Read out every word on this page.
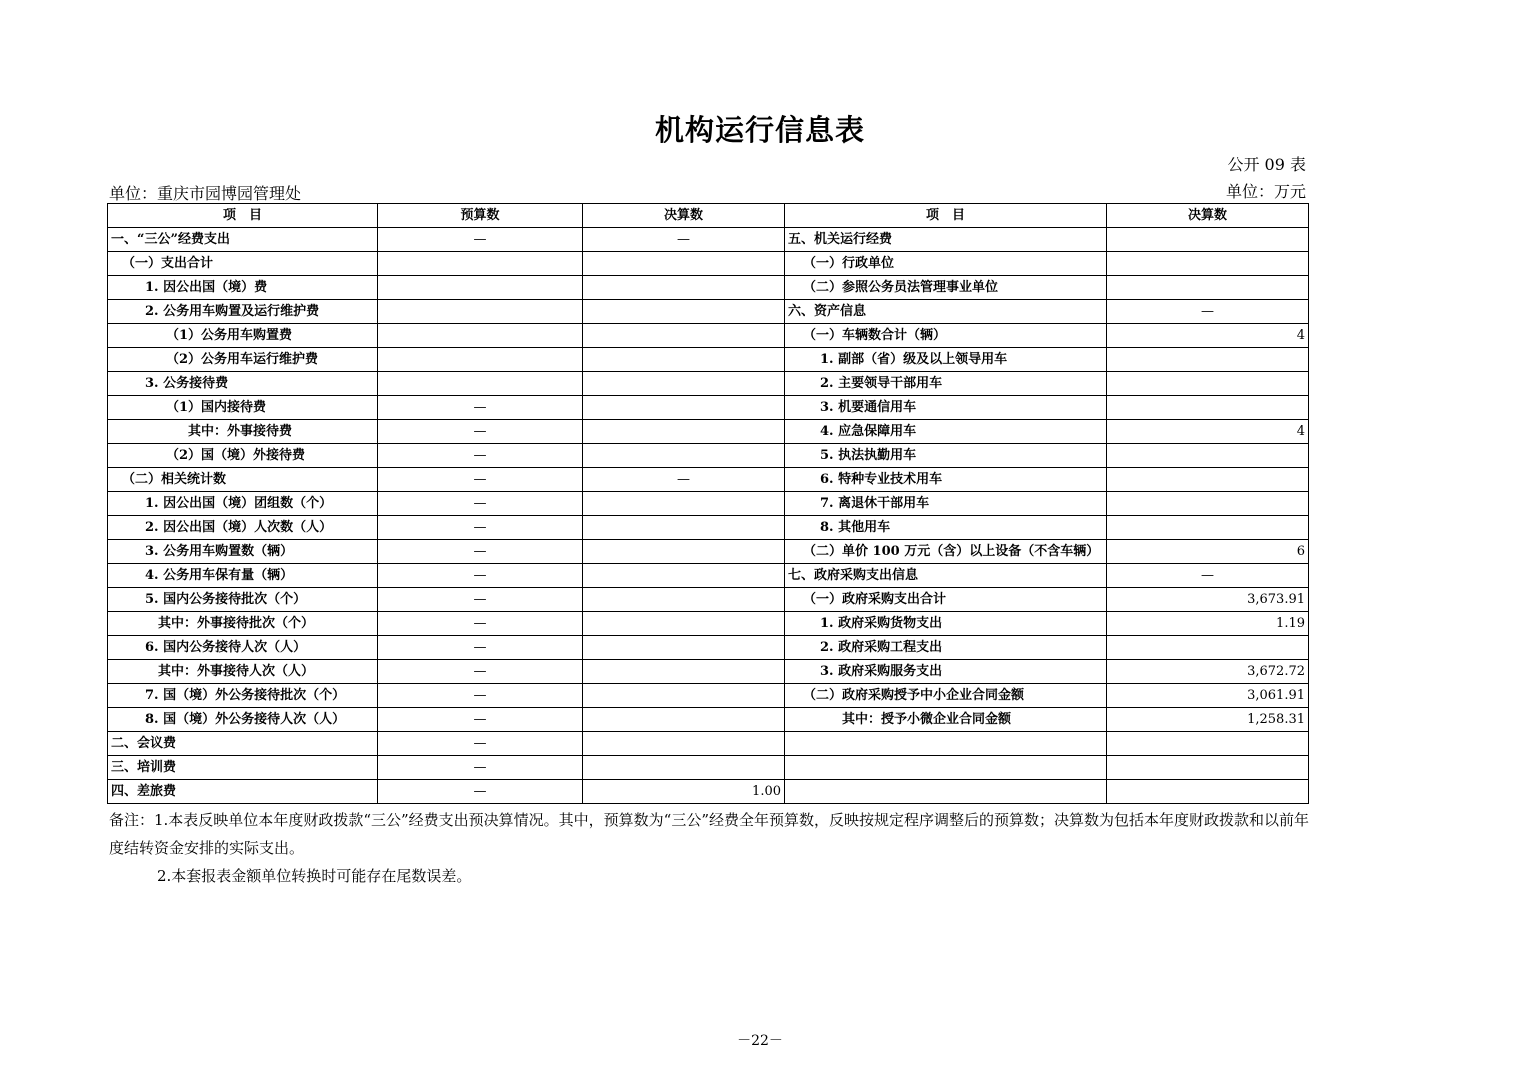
机构运行信息表
公开 09 表
单位：重庆市园博园管理处	单位：万元
项　目	预算数	决算数	项　目	决算数
一、“三公”经费支出	—	—	五、机关运行经费	
（一）支出合计			（一）行政单位	
1. 因公出国（境）费			（二）参照公务员法管理事业单位	
2. 公务用车购置及运行维护费			六、资产信息	—
（1）公务用车购置费			（一）车辆数合计（辆）	4
（2）公务用车运行维护费			1. 副部（省）级及以上领导用车	
3. 公务接待费			2. 主要领导干部用车	
（1）国内接待费	—		3. 机要通信用车	
其中：外事接待费	—		4. 应急保障用车	4
（2）国（境）外接待费	—		5. 执法执勤用车	
（二）相关统计数	—	—	6. 特种专业技术用车	
1. 因公出国（境）团组数（个）	—		7. 离退休干部用车	
2. 因公出国（境）人次数（人）	—		8. 其他用车	
3. 公务用车购置数（辆）	—		（二）单价 100 万元（含）以上设备（不含车辆）	6
4. 公务用车保有量（辆）	—		七、政府采购支出信息	—
5. 国内公务接待批次（个）	—		（一）政府采购支出合计	3,673.91
其中：外事接待批次（个）	—		1. 政府采购货物支出	1.19
6. 国内公务接待人次（人）	—		2. 政府采购工程支出	
其中：外事接待人次（人）	—		3. 政府采购服务支出	3,672.72
7. 国（境）外公务接待批次（个）	—		（二）政府采购授予中小企业合同金额	3,061.91
8. 国（境）外公务接待人次（人）	—		其中：授予小微企业合同金额	1,258.31
二、会议费	—			
三、培训费	—			
四、差旅费	—	1.00		

备注：1.本表反映单位本年度财政拨款“三公”经费支出预决算情况。其中，预算数为“三公”经费全年预算数，反映按规定程序调整后的预算数；决算数为包括本年度财政拨款和以前年度结转资金安排的实际支出。

2.本套报表金额单位转换时可能存在尾数误差。

－22－
